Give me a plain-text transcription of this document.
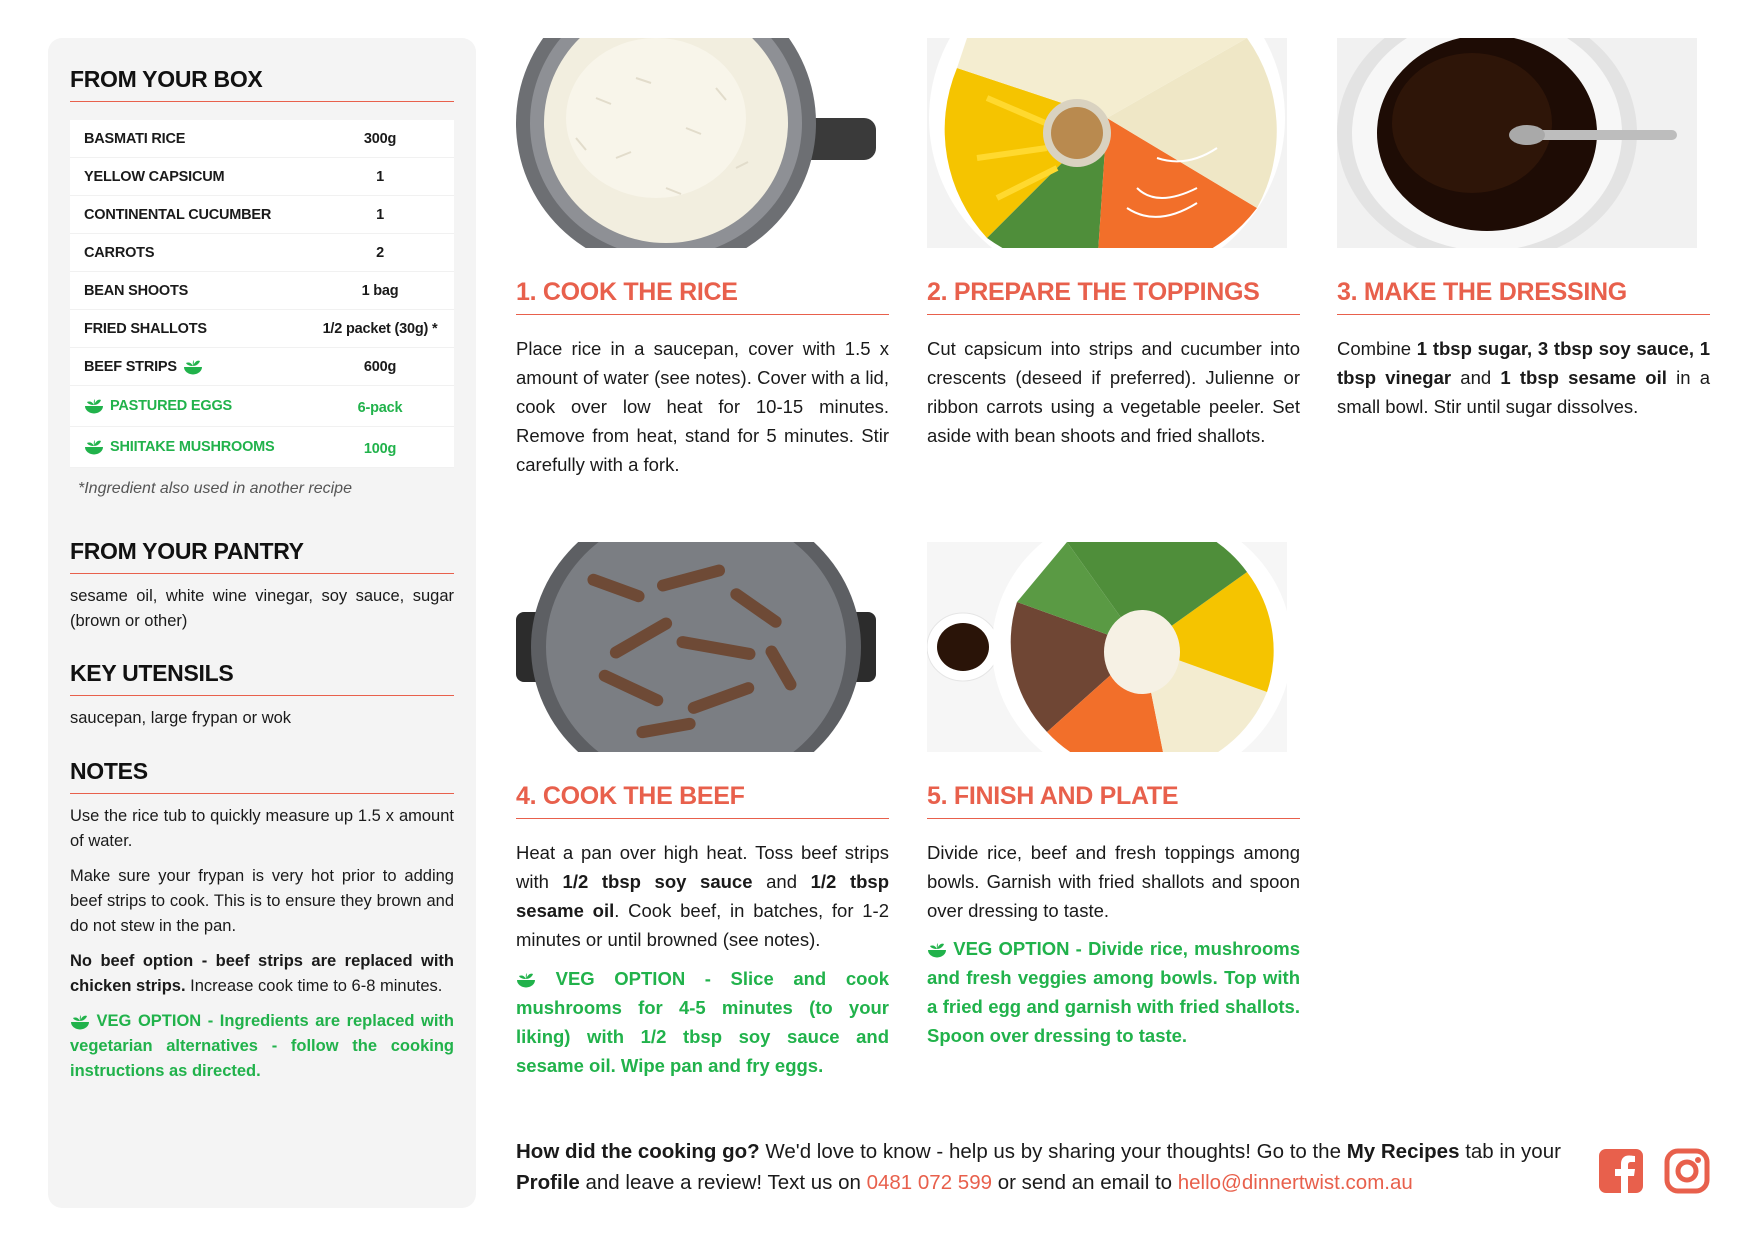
FROM YOUR BOX
BASMATI RICE	300g
YELLOW CAPSICUM	1
CONTINENTAL CUCUMBER	1
CARROTS	2
BEAN SHOOTS	1 bag
FRIED SHALLOTS	1/2 packet (30g) *
BEEF STRIPS	600g
PASTURED EGGS	6-pack
SHIITAKE MUSHROOMS	100g
*Ingredient also used in another recipe
FROM YOUR PANTRY

sesame oil, white wine vinegar, soy sauce, sugar (brown or other)

KEY UTENSILS

saucepan, large frypan or wok

NOTES

Use the rice tub to quickly measure up 1.5 x amount of water.

Make sure your frypan is very hot prior to adding beef strips to cook. This is to ensure they brown and do not stew in the pan.

No beef option - beef strips are replaced with chicken strips. Increase cook time to 6-8 minutes.

VEG OPTION - Ingredients are replaced with vegetarian alternatives - follow the cooking instructions as directed.

1. COOK THE RICE
Place rice in a saucepan, cover with 1.5 x amount of water (see notes). Cover with a lid, cook over low heat for 10-15 minutes. Remove from heat, stand for 5 minutes. Stir carefully with a fork.
2. PREPARE THE TOPPINGS
Cut capsicum into strips and cucumber into crescents (deseed if preferred). Julienne or ribbon carrots using a vegetable peeler. Set aside with bean shoots and fried shallots.
3. MAKE THE DRESSING
Combine 1 tbsp sugar, 3 tbsp soy sauce, 1 tbsp vinegar and 1 tbsp sesame oil in a small bowl. Stir until sugar dissolves.
4. COOK THE BEEF
Heat a pan over high heat. Toss beef strips with 1/2 tbsp soy sauce and 1/2 tbsp sesame oil. Cook beef, in batches, for 1-2 minutes or until browned (see notes).
VEG OPTION - Slice and cook mushrooms for 4-5 minutes (to your liking) with 1/2 tbsp soy sauce and sesame oil. Wipe pan and fry eggs.
5. FINISH AND PLATE
Divide rice, beef and fresh toppings among bowls. Garnish with fried shallots and spoon over dressing to taste.
VEG OPTION - Divide rice, mushrooms and fresh veggies among bowls. Top with a fried egg and garnish with fried shallots. Spoon over dressing to taste.
How did the cooking go? We'd love to know - help us by sharing your thoughts! Go to the My Recipes tab in your Profile and leave a review! Text us on 0481 072 599 or send an email to hello@dinnertwist.com.au
